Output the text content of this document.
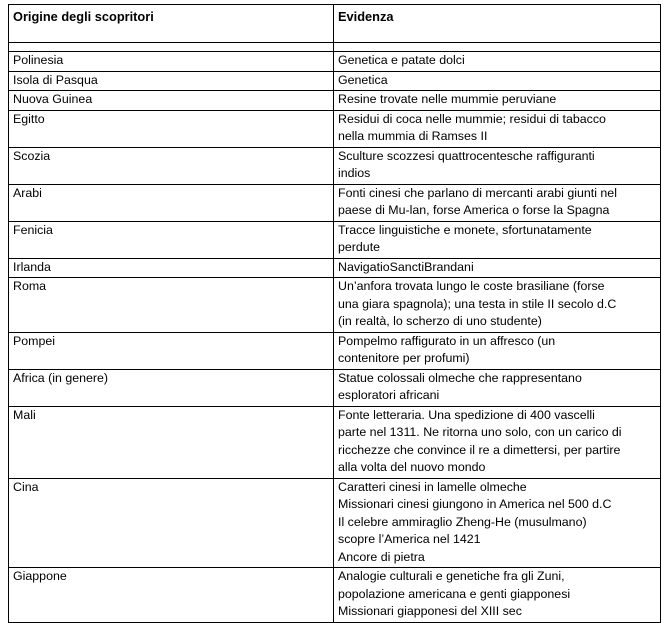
Origine degli scopritori	Evidenza

Polinesia	Genetica e patate dolci

Isola di Pasqua	Genetica

Nuova Guinea	Resine trovate nelle mummie peruviane

Egitto	Residui di coca nelle mummie; residui di tabacco
nella mummia di Ramses II

Scozia	Sculture scozzesi quattrocentesche raffiguranti
indios

Arabi	Fonti cinesi che parlano di mercanti arabi giunti nel
paese di Mu-lan, forse America o forse la Spagna

Fenicia	Tracce linguistiche e monete, sfortunatamente
perdute

Irlanda	NavigatioSanctiBrandani

Roma	Un’anfora trovata lungo le coste brasiliane (forse
una giara spagnola); una testa in stile II secolo d.C
(in realtà, lo scherzo di uno studente)

Pompei	Pompelmo raffigurato in un affresco (un
contenitore per profumi)

Africa (in genere)	Statue colossali olmeche che rappresentano
esploratori africani

Mali	Fonte letteraria. Una spedizione di 400 vascelli
parte nel 1311. Ne ritorna uno solo, con un carico di
ricchezze che convince il re a dimettersi, per partire
alla volta del nuovo mondo

Cina	Caratteri cinesi in lamelle olmeche
Missionari cinesi giungono in America nel 500 d.C
Il celebre ammiraglio Zheng-He (musulmano)
scopre l’America nel 1421
Ancore di pietra

Giappone	Analogie culturali e genetiche fra gli Zuni,
popolazione americana e genti giapponesi
Missionari giapponesi del XIII sec
